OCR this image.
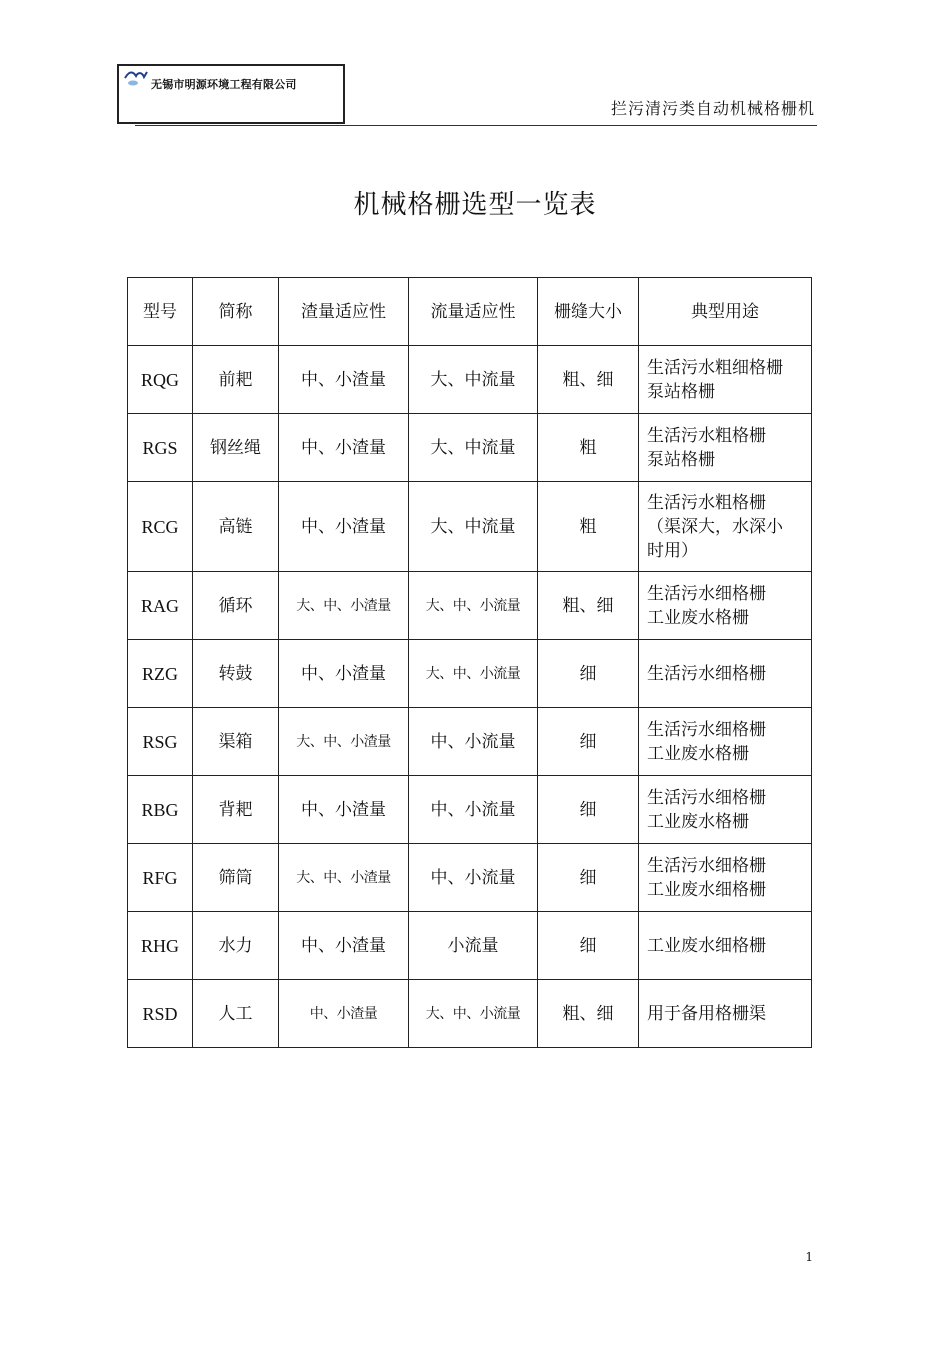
无锡市明源环境工程有限公司
拦污清污类自动机械格栅机
机械格栅选型一览表
型号	简称	渣量适应性	流量适应性	栅缝大小	典型用途
RQG	前耙	中、小渣量	大、中流量	粗、细	生活污水粗细格栅
泵站格栅
RGS	钢丝绳	中、小渣量	大、中流量	粗	生活污水粗格栅
泵站格栅
RCG	高链	中、小渣量	大、中流量	粗	生活污水粗格栅
（渠深大，水深小
时用）
RAG	循环	大、中、小渣量	大、中、小流量	粗、细	生活污水细格栅
工业废水格栅
RZG	转鼓	中、小渣量	大、中、小流量	细	生活污水细格栅
RSG	渠箱	大、中、小渣量	中、小流量	细	生活污水细格栅
工业废水格栅
RBG	背耙	中、小渣量	中、小流量	细	生活污水细格栅
工业废水格栅
RFG	筛筒	大、中、小渣量	中、小流量	细	生活污水细格栅
工业废水细格栅
RHG	水力	中、小渣量	小流量	细	工业废水细格栅
RSD	人工	中、小渣量	大、中、小流量	粗、细	用于备用格栅渠
1
